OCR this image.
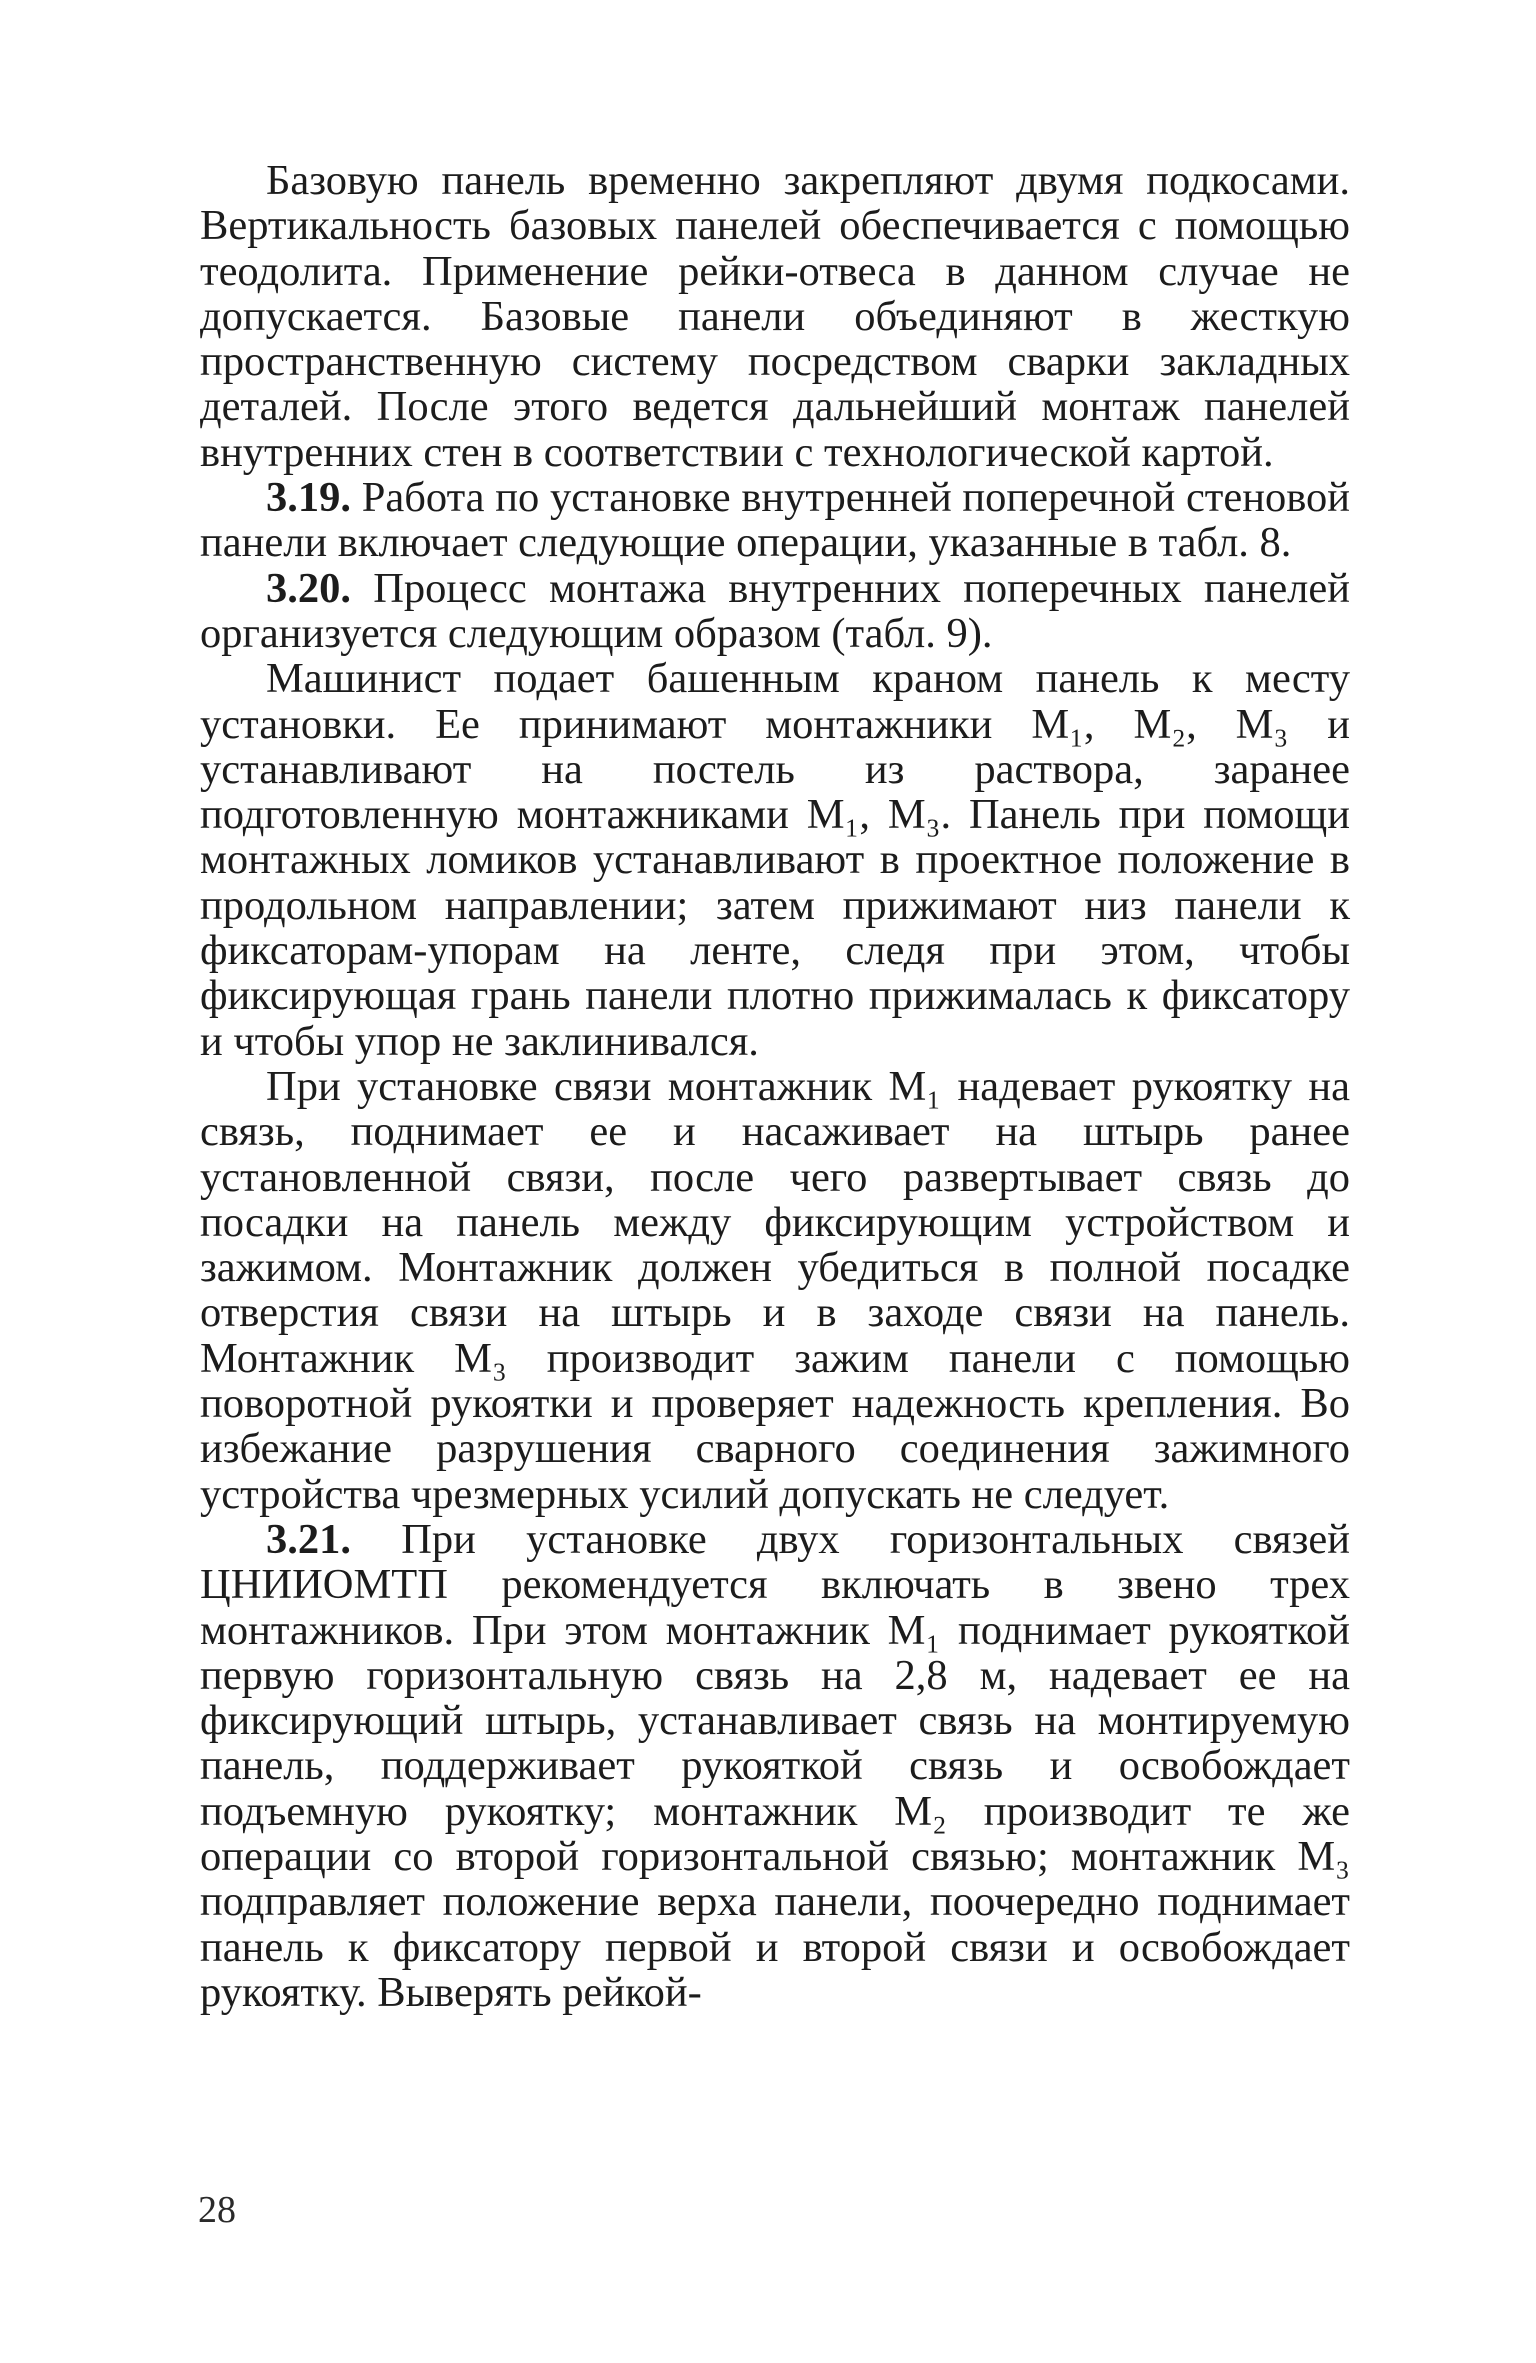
Базовую панель временно закрепляют двумя подкосами. Вертикальность базовых панелей обеспечивается с помощью теодолита. Применение рейки-отвеса в данном случае не допускается. Базовые панели объединяют в жесткую пространственную систему посредством сварки закладных деталей. После этого ведется дальнейший монтаж панелей внутренних стен в соответствии с технологической картой.

3.19. Работа по установке внутренней поперечной стеновой панели включает следующие операции, указанные в табл. 8.

3.20. Процесс монтажа внутренних поперечных панелей организуется следующим образом (табл. 9).

Машинист подает башенным краном панель к месту установки. Ее принимают монтажники М₁, М₂, М₃ и устанавливают на постель из раствора, заранее подготовленную монтажниками М₁, М₃. Панель при помощи монтажных ломиков устанавливают в проектное положение в продольном направлении; затем прижимают низ панели к фиксаторам-упорам на ленте, следя при этом, чтобы фиксирующая грань панели плотно прижималась к фиксатору и чтобы упор не заклинивался.

При установке связи монтажник М₁ надевает рукоятку на связь, поднимает ее и насаживает на штырь ранее установленной связи, после чего развертывает связь до посадки на панель между фиксирующим устройством и зажимом. Монтажник должен убедиться в полной посадке отверстия связи на штырь и в заходе связи на панель. Монтажник М₃ производит зажим панели с помощью поворотной рукоятки и проверяет надежность крепления. Во избежание разрушения сварного соединения зажимного устройства чрезмерных усилий допускать не следует.

3.21. При установке двух горизонтальных связей ЦНИИОМТП рекомендуется включать в звено трех монтажников. При этом монтажник М₁ поднимает рукояткой первую горизонтальную связь на 2,8 м, надевает ее на фиксирующий штырь, устанавливает связь на монтируемую панель, поддерживает рукояткой связь и освобождает подъемную рукоятку; монтажник М₂ производит те же операции со второй горизонтальной связью; монтажник М₃ подправляет положение верха панели, поочередно поднимает панель к фиксатору первой и второй связи и освобождает рукоятку. Выверять рейкой-

28
